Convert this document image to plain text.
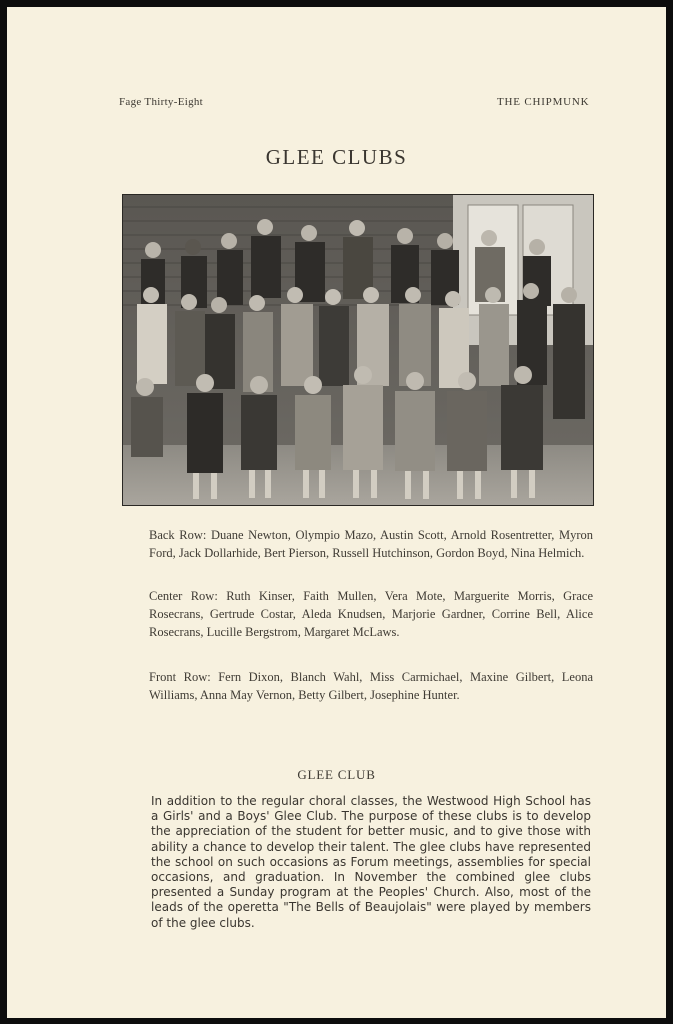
Fage Thirty-Eight	THE CHIPMUNK
GLEE CLUBS
Back Row: Duane Newton, Olympio Mazo, Austin Scott, Arnold Rosentretter, Myron Ford, Jack Dollarhide, Bert Pierson, Russell Hutchinson, Gordon Boyd, Nina Helmich.
Center Row: Ruth Kinser, Faith Mullen, Vera Mote, Marguerite Morris, Grace Rosecrans, Gertrude Costar, Aleda Knudsen, Marjorie Gardner, Corrine Bell, Alice Rosecrans, Lucille Bergstrom, Margaret McLaws.
Front Row: Fern Dixon, Blanch Wahl, Miss Carmichael, Maxine Gilbert, Leona Williams, Anna May Vernon, Betty Gilbert, Josephine Hunter.
GLEE CLUB
In addition to the regular choral classes, the Westwood High School has a Girls' and a Boys' Glee Club. The purpose of these clubs is to develop the appreciation of the student for better music, and to give those with ability a chance to develop their talent. The glee clubs have represented the school on such occasions as Forum meetings, assemblies for special occasions, and graduation. In November the combined glee clubs presented a Sunday program at the Peoples' Church. Also, most of the leads of the operetta "The Bells of Beaujolais" were played by members of the glee clubs.
